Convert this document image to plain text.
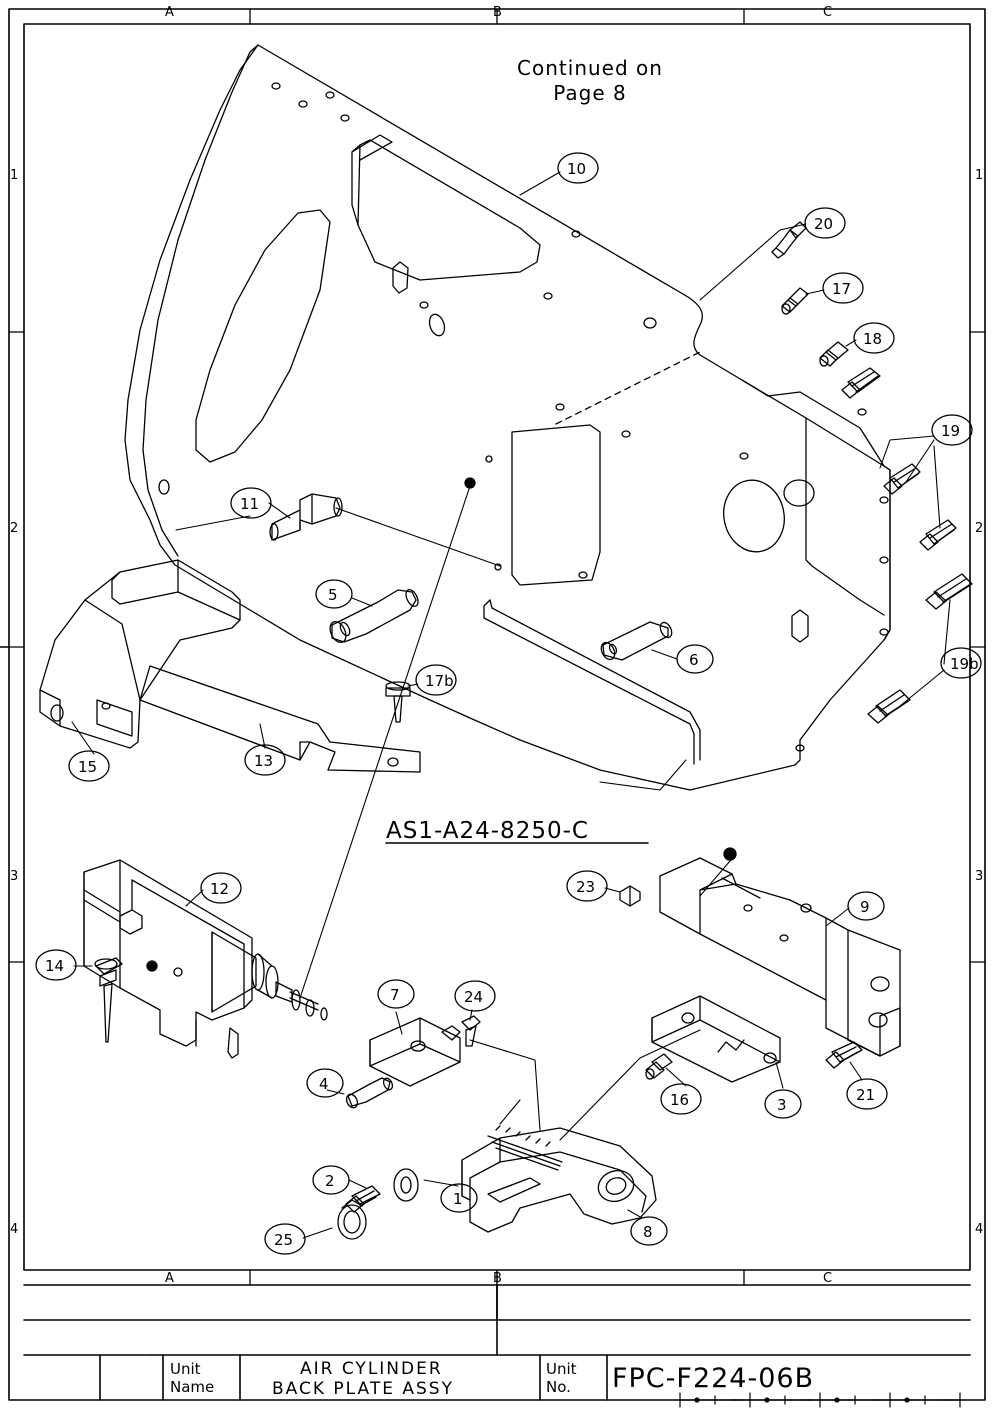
A	B	C
A	B	C
1
2
3
4
1
2
3
4
Continued on
Page 8
AS1-A24-8250-C
1
2
3
4
5
6
7
8
9
10
11
12
13
14
15
16
17
17b
18
19
19b
20
21
23
24
25
Unit
Name
AIR CYLINDER
BACK PLATE ASSY
Unit
No. FPC-F224-06B
